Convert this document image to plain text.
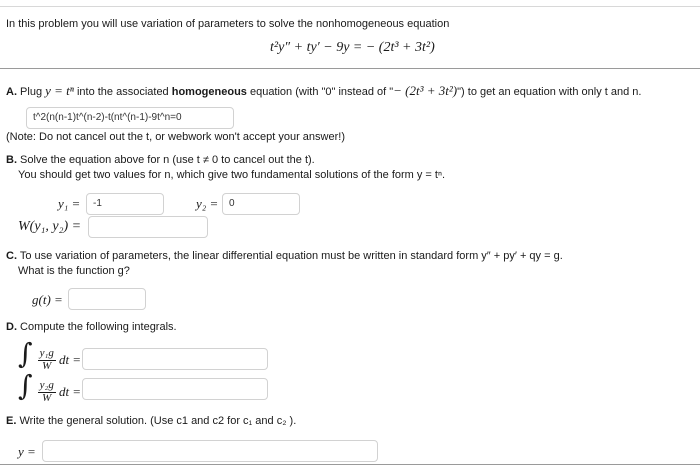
In this problem you will use variation of parameters to solve the nonhomogeneous equation
t²y″ + ty′ − 9y = − (2t³ + 3t²)
A. Plug y = tⁿ into the associated homogeneous equation (with "0" instead of "− (2t³ + 3t²)") to get an equation with only t and n.
t^2(n(n-1)t^(n-2)-t(nt^(n-1)-9t^n=0
(Note: Do not cancel out the t, or webwork won't accept your answer!)
B. Solve the equation above for n (use t ≠ 0 to cancel out the t).
You should get two values for n, which give two fundamental solutions of the form y = tⁿ.
y₁ =	-1	y₂ =	0
W(y₁, y₂) =
C. To use variation of parameters, the linear differential equation must be written in standard form y″ + py′ + qy = g.
What is the function g?
g(t) =
D. Compute the following integrals.
∫ $\frac{\text{y₁g}}{W}$ dt =
∫ $\frac{\text{y₂g}}{W}$ dt =
E. Write the general solution. (Use c1 and c2 for c₁ and c₂ ).
y =
